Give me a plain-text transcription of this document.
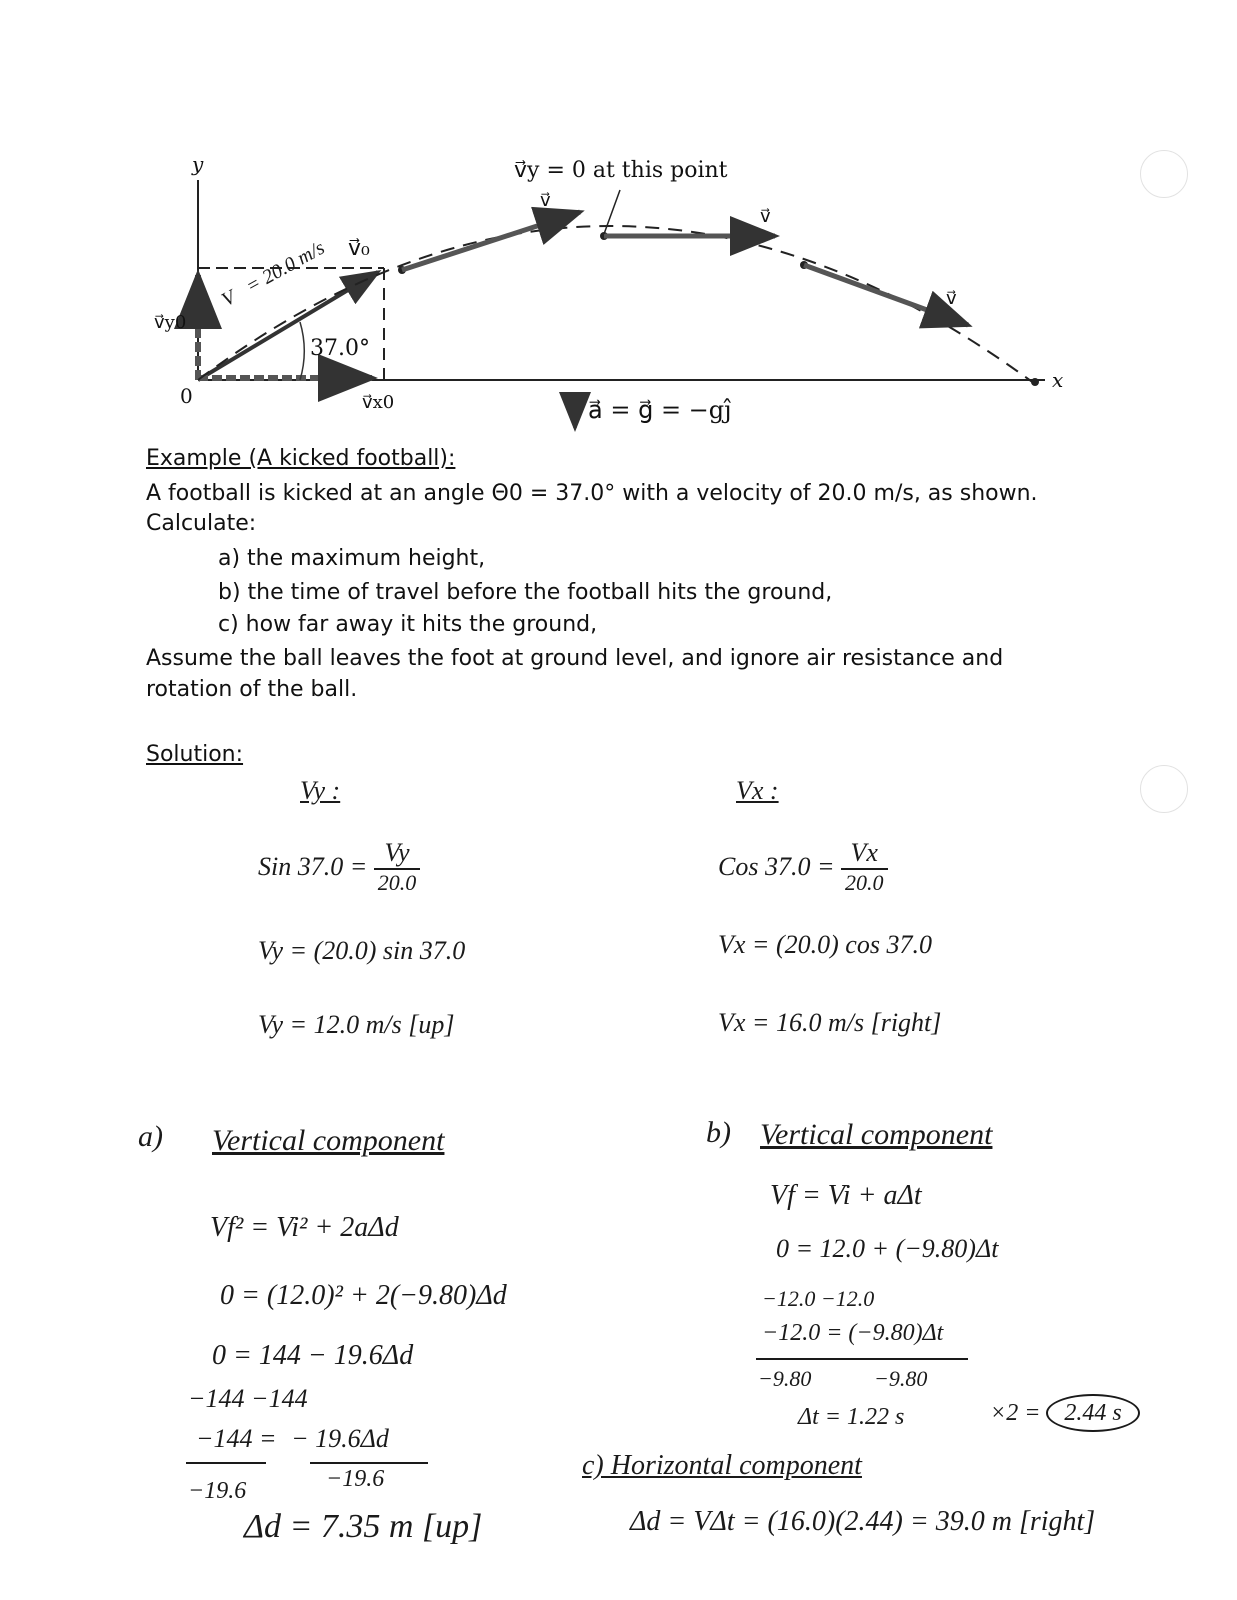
y
x
0
v⃗₀
v⃗y0
v⃗x0
37.0°
V⃗= 20.0 m/s
v⃗y = 0 at this point
v⃗
v⃗
v⃗
a⃗ = g⃗ = −gĵ
Example (A kicked football):
A football is kicked at an angle Θ0 = 37.0° with a velocity of 20.0 m/s, as shown.
Calculate:
a) the maximum height,
b) the time of travel before the football hits the ground,
c) how far away it hits the ground,
Assume the ball leaves the foot at ground level, and ignore air resistance and
rotation of the ball.
Solution:
Vy :
Sin $37.0 = \frac{Vy}{20.0}$
Vy = (20.0) sin 37.0
Vy = 12.0 m/s [up]
Vx :
Cos $37.0 = \frac{Vx}{20.0}$
Vx = (20.0) cos 37.0
Vx = 16.0 m/s [right]
a) Vertical component
Vf² = Vi² + 2aΔd
0 = (12.0)² + 2(−9.80)Δd
0 = 144 − 19.6Δd
−144 −144
−144 = − 19.6Δd
−19.6	−19.6
Δd = 7.35 m [up]
b) Vertical component
Vf = Vi + aΔt
0 = 12.0 + (−9.80)Δt
−12.0 −12.0
−12.0 = (−9.80)Δt
−9.80	−9.80
Δt = 1.22 s	×2 = 2.44 s
c) Horizontal component
Δd = VΔt = (16.0)(2.44) = 39.0 m [right]
